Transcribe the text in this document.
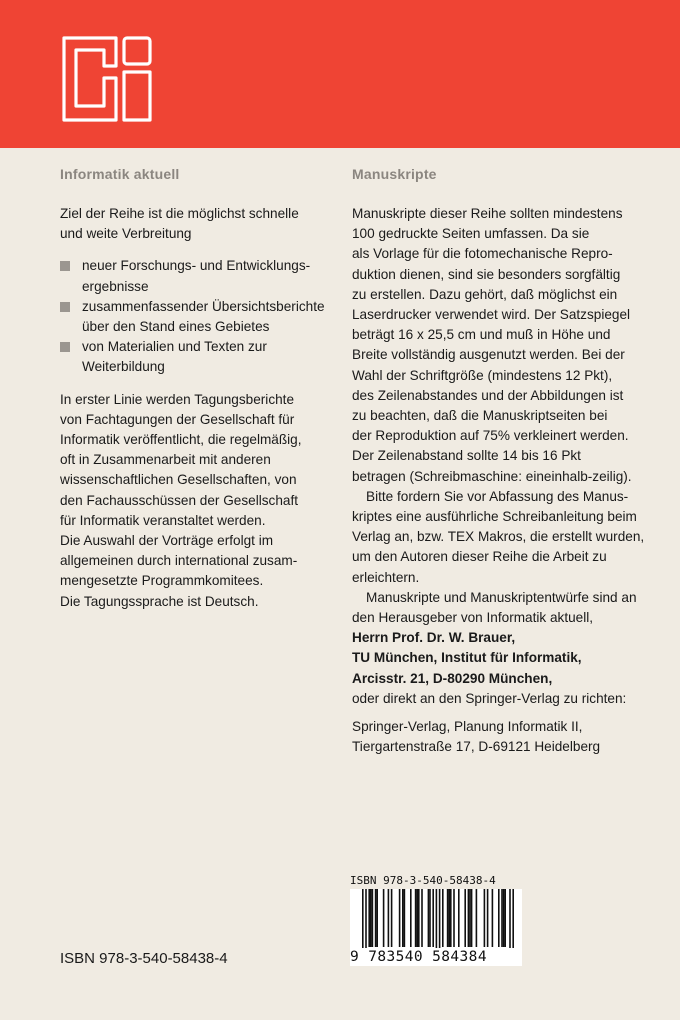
Informatik aktuell

Ziel der Reihe ist die möglichst schnelle

und weite Verbreitung

neuer Forschungs- und Entwicklungs-
ergebnisse
zusammenfassender Übersichtsberichte
über den Stand eines Gebietes
von Materialien und Texten zur
Weiterbildung

In erster Linie werden Tagungsberichte

von Fachtagungen der Gesellschaft für

Informatik veröffentlicht, die regelmäßig,

oft in Zusammenarbeit mit anderen

wissenschaftlichen Gesellschaften, von

den Fachausschüssen der Gesellschaft

für Informatik veranstaltet werden.

Die Auswahl der Vorträge erfolgt im

allgemeinen durch international zusam-

mengesetzte Programmkomitees.

Die Tagungssprache ist Deutsch.

Manuskripte

Manuskripte dieser Reihe sollten mindestens

100 gedruckte Seiten umfassen. Da sie

als Vorlage für die fotomechanische Repro-

duktion dienen, sind sie besonders sorgfältig

zu erstellen. Dazu gehört, daß möglichst ein

Laserdrucker verwendet wird. Der Satzspiegel

beträgt 16 x 25,5 cm und muß in Höhe und

Breite vollständig ausgenutzt werden. Bei der

Wahl der Schriftgröße (mindestens 12 Pkt),

des Zeilenabstandes und der Abbildungen ist

zu beachten, daß die Manuskriptseiten bei

der Reproduktion auf 75% verkleinert werden.

Der Zeilenabstand sollte 14 bis 16 Pkt

betragen (Schreibmaschine: eineinhalb-zeilig).

Bitte fordern Sie vor Abfassung des Manus-

kriptes eine ausführliche Schreibanleitung beim

Verlag an, bzw. TEX Makros, die erstellt wurden,

um den Autoren dieser Reihe die Arbeit zu

erleichtern.

Manuskripte und Manuskriptentwürfe sind an

den Herausgeber von Informatik aktuell,

Herrn Prof. Dr. W. Brauer,

TU München, Institut für Informatik,

Arcisstr. 21, D-80290 München,

oder direkt an den Springer-Verlag zu richten:

Springer-Verlag, Planung Informatik II,

Tiergartenstraße 17, D-69121 Heidelberg

ISBN 978-3-540-58438-4
9 783540 584384
ISBN 978-3-540-58438-4
